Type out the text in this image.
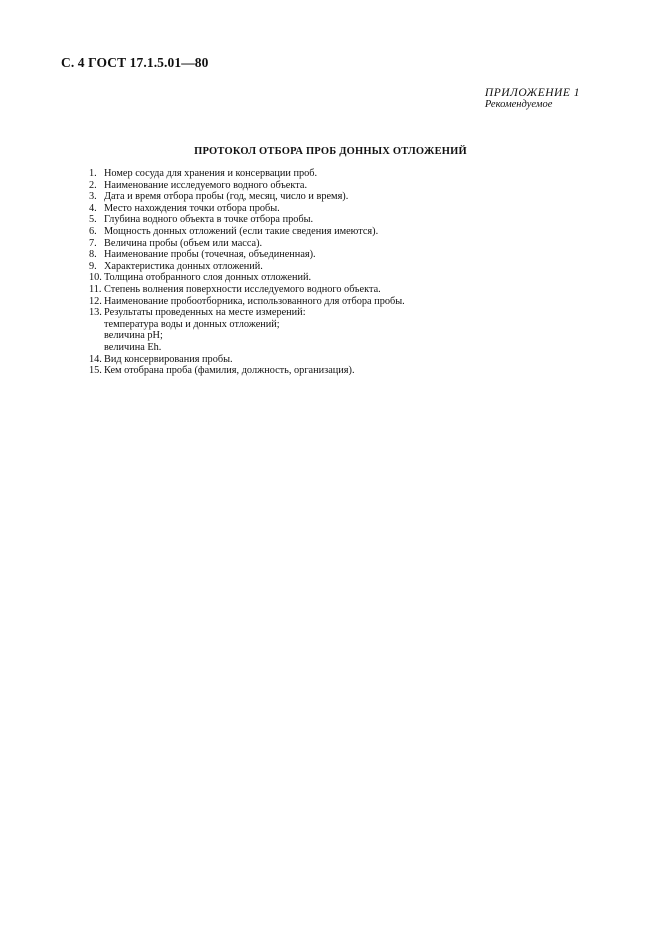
С. 4 ГОСТ 17.1.5.01—80
ПРИЛОЖЕНИЕ 1
Рекомендуемое
ПРОТОКОЛ ОТБОРА ПРОБ ДОННЫХ ОТЛОЖЕНИЙ
1. Номер сосуда для хранения и консервации проб.
2. Наименование исследуемого водного объекта.
3. Дата и время отбора пробы (год, месяц, число и время).
4. Место нахождения точки отбора пробы.
5. Глубина водного объекта в точке отбора пробы.
6. Мощность донных отложений (если такие сведения имеются).
7. Величина пробы (объем или масса).
8. Наименование пробы (точечная, объединенная).
9. Характеристика донных отложений.
10. Толщина отобранного слоя донных отложений.
11. Степень волнения поверхности исследуемого водного объекта.
12. Наименование пробоотборника, использованного для отбора пробы.
13. Результаты проведенных на месте измерений:
температура воды и донных отложений;
величина pH;
величина Eh.
14. Вид консервирования пробы.
15. Кем отобрана проба (фамилия, должность, организация).
